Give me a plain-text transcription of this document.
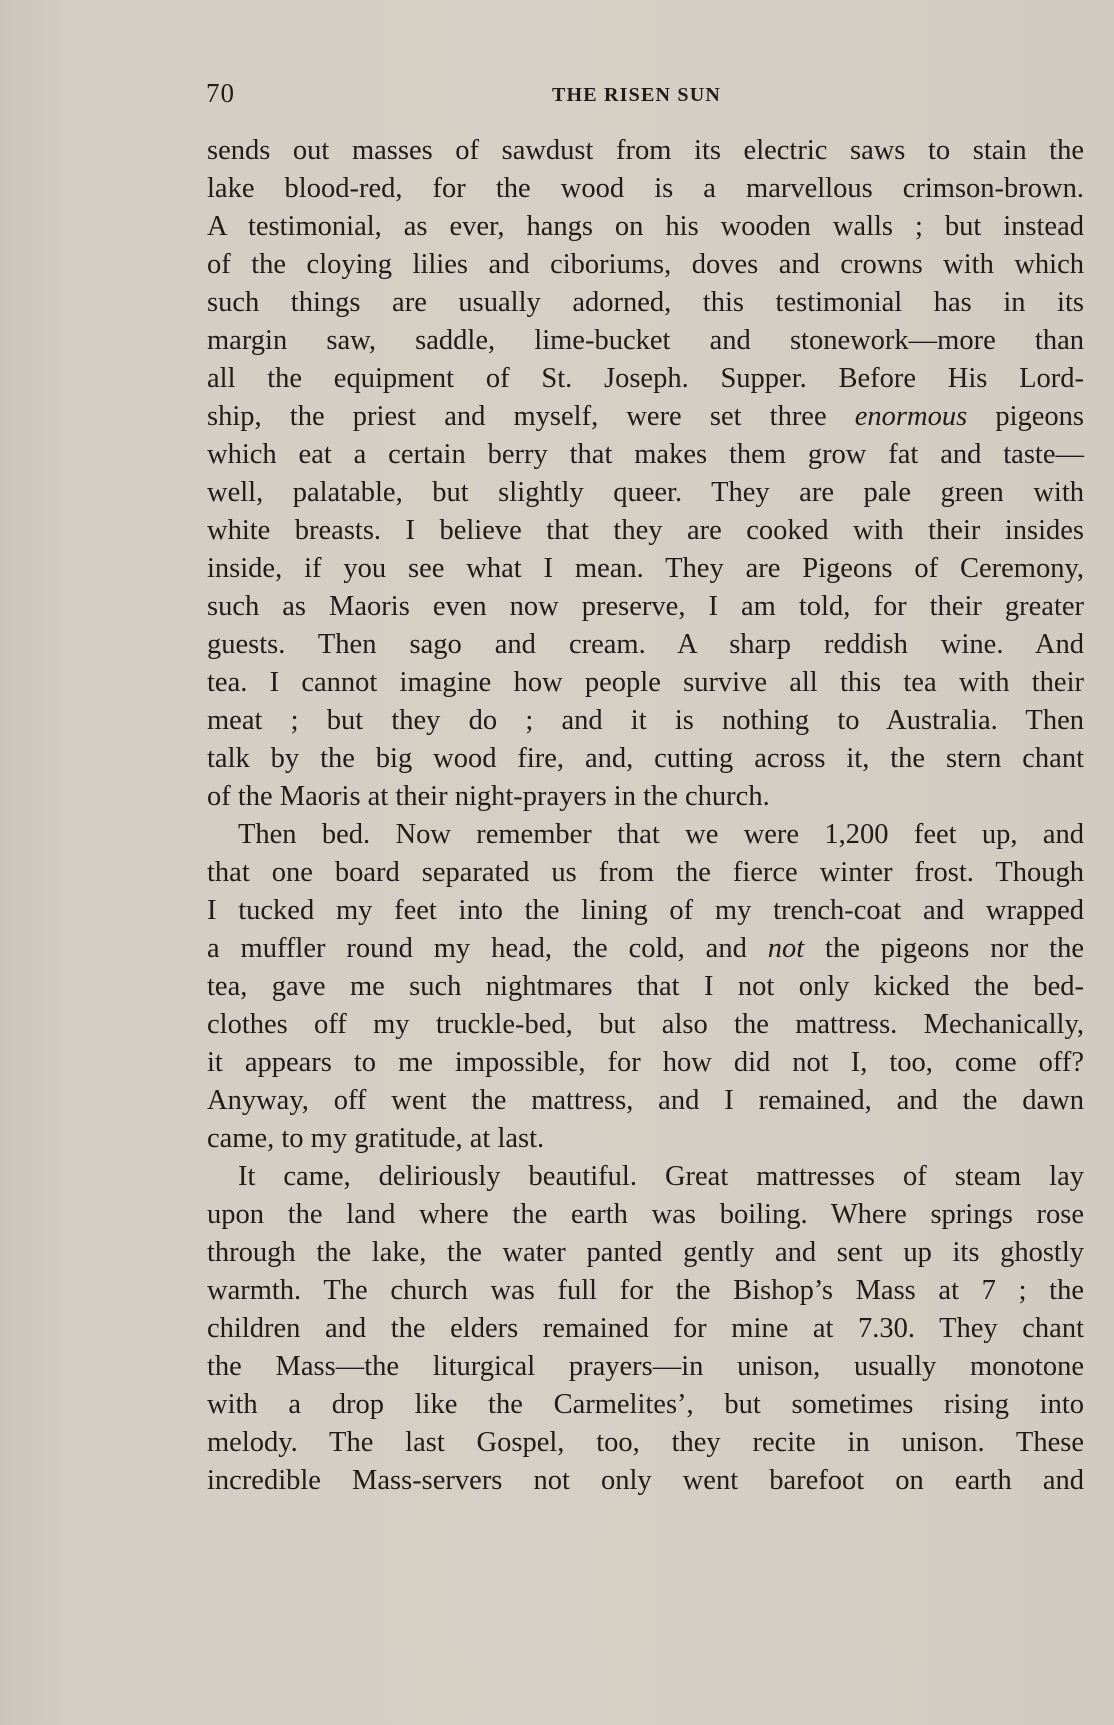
70	THE RISEN SUN
sends out masses of sawdust from its electric saws to stain the
lake blood-red, for the wood is a marvellous crimson-brown.
A testimonial, as ever, hangs on his wooden walls ; but instead
of the cloying lilies and ciboriums, doves and crowns with which
such things are usually adorned, this testimonial has in its
margin saw, saddle, lime-bucket and stonework—more than
all the equipment of St. Joseph. Supper. Before His Lord-
ship, the priest and myself, were set three enormous pigeons
which eat a certain berry that makes them grow fat and taste—
well, palatable, but slightly queer. They are pale green with
white breasts. I believe that they are cooked with their insides
inside, if you see what I mean. They are Pigeons of Ceremony,
such as Maoris even now preserve, I am told, for their greater
guests. Then sago and cream. A sharp reddish wine. And
tea. I cannot imagine how people survive all this tea with their
meat ; but they do ; and it is nothing to Australia. Then
talk by the big wood fire, and, cutting across it, the stern chant
of the Maoris at their night-prayers in the church.
Then bed. Now remember that we were 1,200 feet up, and
that one board separated us from the fierce winter frost. Though
I tucked my feet into the lining of my trench-coat and wrapped
a muffler round my head, the cold, and not the pigeons nor the
tea, gave me such nightmares that I not only kicked the bed-
clothes off my truckle-bed, but also the mattress. Mechanically,
it appears to me impossible, for how did not I, too, come off?
Anyway, off went the mattress, and I remained, and the dawn
came, to my gratitude, at last.
It came, deliriously beautiful. Great mattresses of steam lay
upon the land where the earth was boiling. Where springs rose
through the lake, the water panted gently and sent up its ghostly
warmth. The church was full for the Bishop’s Mass at 7 ; the
children and the elders remained for mine at 7.30. They chant
the Mass—the liturgical prayers—in unison, usually monotone
with a drop like the Carmelites’, but sometimes rising into
melody. The last Gospel, too, they recite in unison. These
incredible Mass-servers not only went barefoot on earth and
